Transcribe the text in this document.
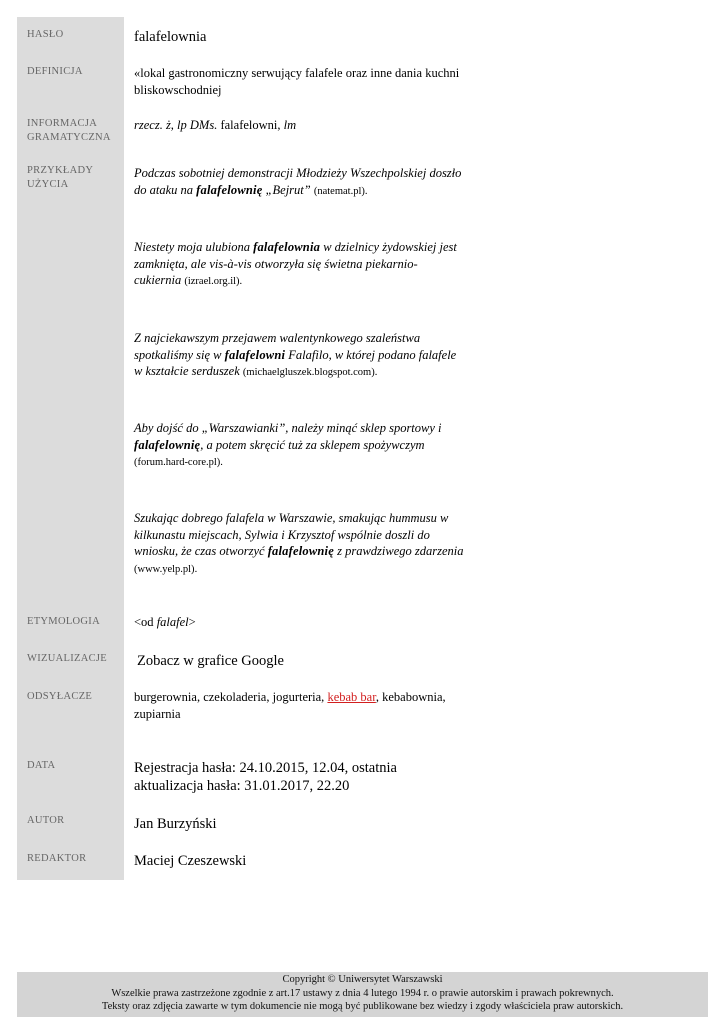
HASŁO
DEFINICJA
INFORMACJA
GRAMATYCZNA
PRZYKŁADY
UŻYCIA
ETYMOLOGIA
WIZUALIZACJE
ODSYŁACZE
DATA
AUTOR
REDAKTOR
falafelownia
«lokal gastronomiczny serwujący falafele oraz inne dania kuchni bliskowschodniej
rzecz. ż, lp DMs. falafelowni, lm
Podczas sobotniej demonstracji Młodzieży Wszechpolskiej doszło do ataku na falafelownię „Bejrut” (natemat.pl).
Niestety moja ulubiona falafelownia w dzielnicy żydowskiej jest zamknięta, ale vis-à-vis otworzyła się świetna piekarnio-cukiernia (izrael.org.il).
Z najciekawszym przejawem walentynkowego szaleństwa spotkaliśmy się w falafelowni Falafilo, w której podano falafele w kształcie serduszek (michaelgluszek.blogspot.com).
Aby dojść do „Warszawianki”, należy minąć sklep sportowy i falafelownię, a potem skręcić tuż za sklepem spożywczym (forum.hard-core.pl).
Szukając dobrego falafela w Warszawie, smakując hummusu w kilkunastu miejscach, Sylwia i Krzysztof wspólnie doszli do wniosku, że czas otworzyć falafelownię z prawdziwego zdarzenia (www.yelp.pl).
<od falafel>
Zobacz w grafice Google
burgerownia, czekoladeria, jogurteria, kebab bar, kebabownia, zupiarnia
Rejestracja hasła: 24.10.2015, 12.04, ostatnia aktualizacja hasła: 31.01.2017, 22.20
Jan Burzyński
Maciej Czeszewski
Copyright © Uniwersytet Warszawski
Wszelkie prawa zastrzeżone zgodnie z art.17 ustawy z dnia 4 lutego 1994 r. o prawie autorskim i prawach pokrewnych.
Teksty oraz zdjęcia zawarte w tym dokumencie nie mogą być publikowane bez wiedzy i zgody właściciela praw autorskich.
